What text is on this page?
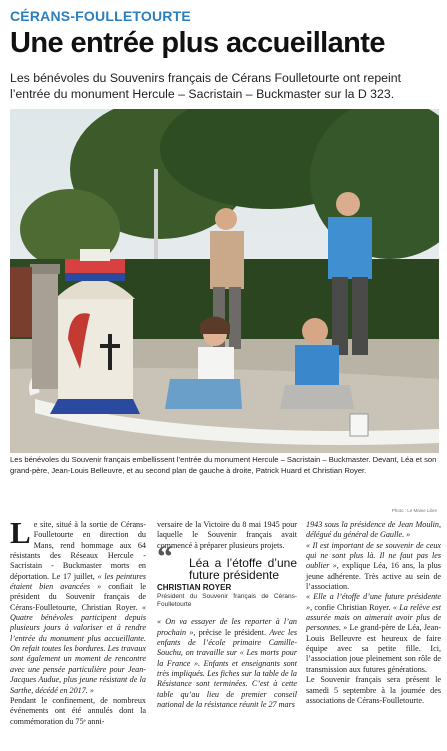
CÉRANS-FOULLETOURTE
Une entrée plus accueillante
Les bénévoles du Souvenirs français de Cérans Foulletourte ont repeint l’entrée du monument Hercule – Sacristain – Buckmaster sur la D 323.
Les bénévoles du Souvenir français embellissent l’entrée du monument Hercule – Sacristain – Buckmaster. Devant, Léa et son grand-père, Jean-Louis Belleuvre, et au second plan de gauche à droite, Patrick Huard et Christian Royer.
Photo : Le Maine Libre

Le site, situé à la sortie de Cérans-Foulletourte en direction du Mans, rend hommage aux 64 résistants des Réseaux Hercule - Sacristain - Buckmaster morts en déportation. Le 17 juillet, « les peintures étaient bien avancées » confiait le président du Souvenir français de Cérans-Foulletourte, Christian Royer. « Quatre bénévoles participent depuis plusieurs jours à valoriser et à rendre l’entrée du monument plus accueillante. On refait toutes les bordures. Les travaux sont également un moment de rencontre avec une pensée particulière pour Jean-Jacques Audue, plus jeune résistant de la Sarthe, décédé en 2017. »

Pendant le confinement, de nombreux événements ont été annulés dont la commémoration du 75ᵉ anni-

versaire de la Victoire du 8 mai 1945 pour laquelle le Souvenir français avait commencé à préparer plusieurs projets.

“ Léa a l’étoffe d’une future présidente
CHRISTIAN ROYER
Président du Souvenir français de Cérans-Foulletourte

« On va essayer de les reporter à l’an prochain », précise le président. Avec les enfants de l’école primaire Camille-Souchu, on travaille sur « Les morts pour la France ». Enfants et enseignants sont très impliqués. Les fiches sur la table de la Résistance sont terminées. C’est à cette table qu’au lieu de premier conseil national de la résistance réunit le 27 mars

1943 sous la présidence de Jean Moulin, délégué du général de Gaulle. »

« Il est important de se souvenir de ceux qui ne sont plus là. Il ne faut pas les oublier », explique Léa, 16 ans, la plus jeune adhérente. Très active au sein de l’association.

« Elle a l’étoffe d’une future présidente », confie Christian Royer. « La relève est assurée mais on aimerait avoir plus de personnes. » Le grand-père de Léa, Jean-Louis Belleuvre est heureux de faire équipe avec sa petite fille. Ici, l’association joue pleinement son rôle de transmission aux futures générations.

Le Souvenir français sera présent le samedi 5 septembre à la journée des associations de Cérans-Foulletourte.
